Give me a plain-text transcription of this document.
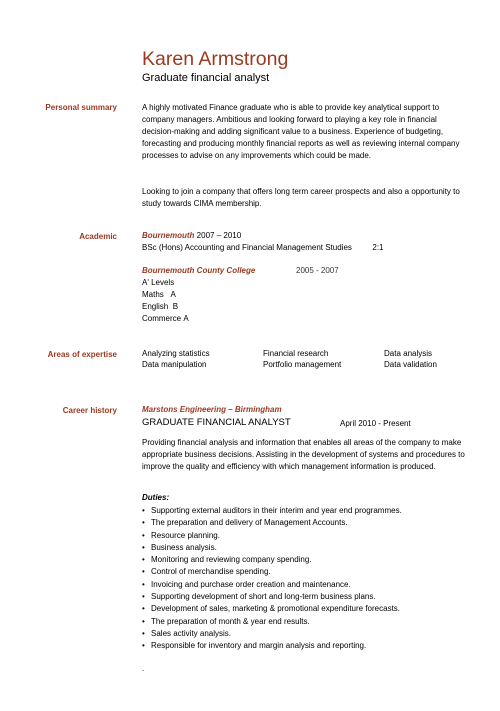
Karen Armstrong
Graduate financial analyst
Personal summary	A highly motivated Finance graduate who is able to provide key analytical support to company managers. Ambitious and looking forward to playing a key role in financial decision-making and adding significant value to a business. Experience of budgeting, forecasting and producing monthly financial reports as well as reviewing internal company processes to advise on any improvements which could be made.
Looking to join a company that offers long term career prospects and also a opportunity to study towards CIMA membership.
Academic	Bournemouth 2007 – 2010
BSc (Hons) Accounting and Financial Management Studies	2:1
Bournemouth County College	2005 - 2007
A' Levels
Maths A
English B
Commerce A
Areas of expertise	Analyzing statistics	Financial research	Data analysis
Data manipulation	Portfolio management	Data validation
Career history	Marstons Engineering – Birmingham
GRADUATE FINANCIAL ANALYST	April 2010 - Present
Providing financial analysis and information that enables all areas of the company to make appropriate business decisions. Assisting in the development of systems and procedures to improve the quality and efficiency with which management information is produced.
Duties:
• Supporting external auditors in their interim and year end programmes.
• The preparation and delivery of Management Accounts.
• Resource planning.
• Business analysis.
• Monitoring and reviewing company spending.
• Control of merchandise spending.
• Invoicing and purchase order creation and maintenance.
• Supporting development of short and long-term business plans.
• Development of sales, marketing & promotional expenditure forecasts.
• The preparation of month & year end results.
• Sales activity analysis.
• Responsible for inventory and margin analysis and reporting.
.
